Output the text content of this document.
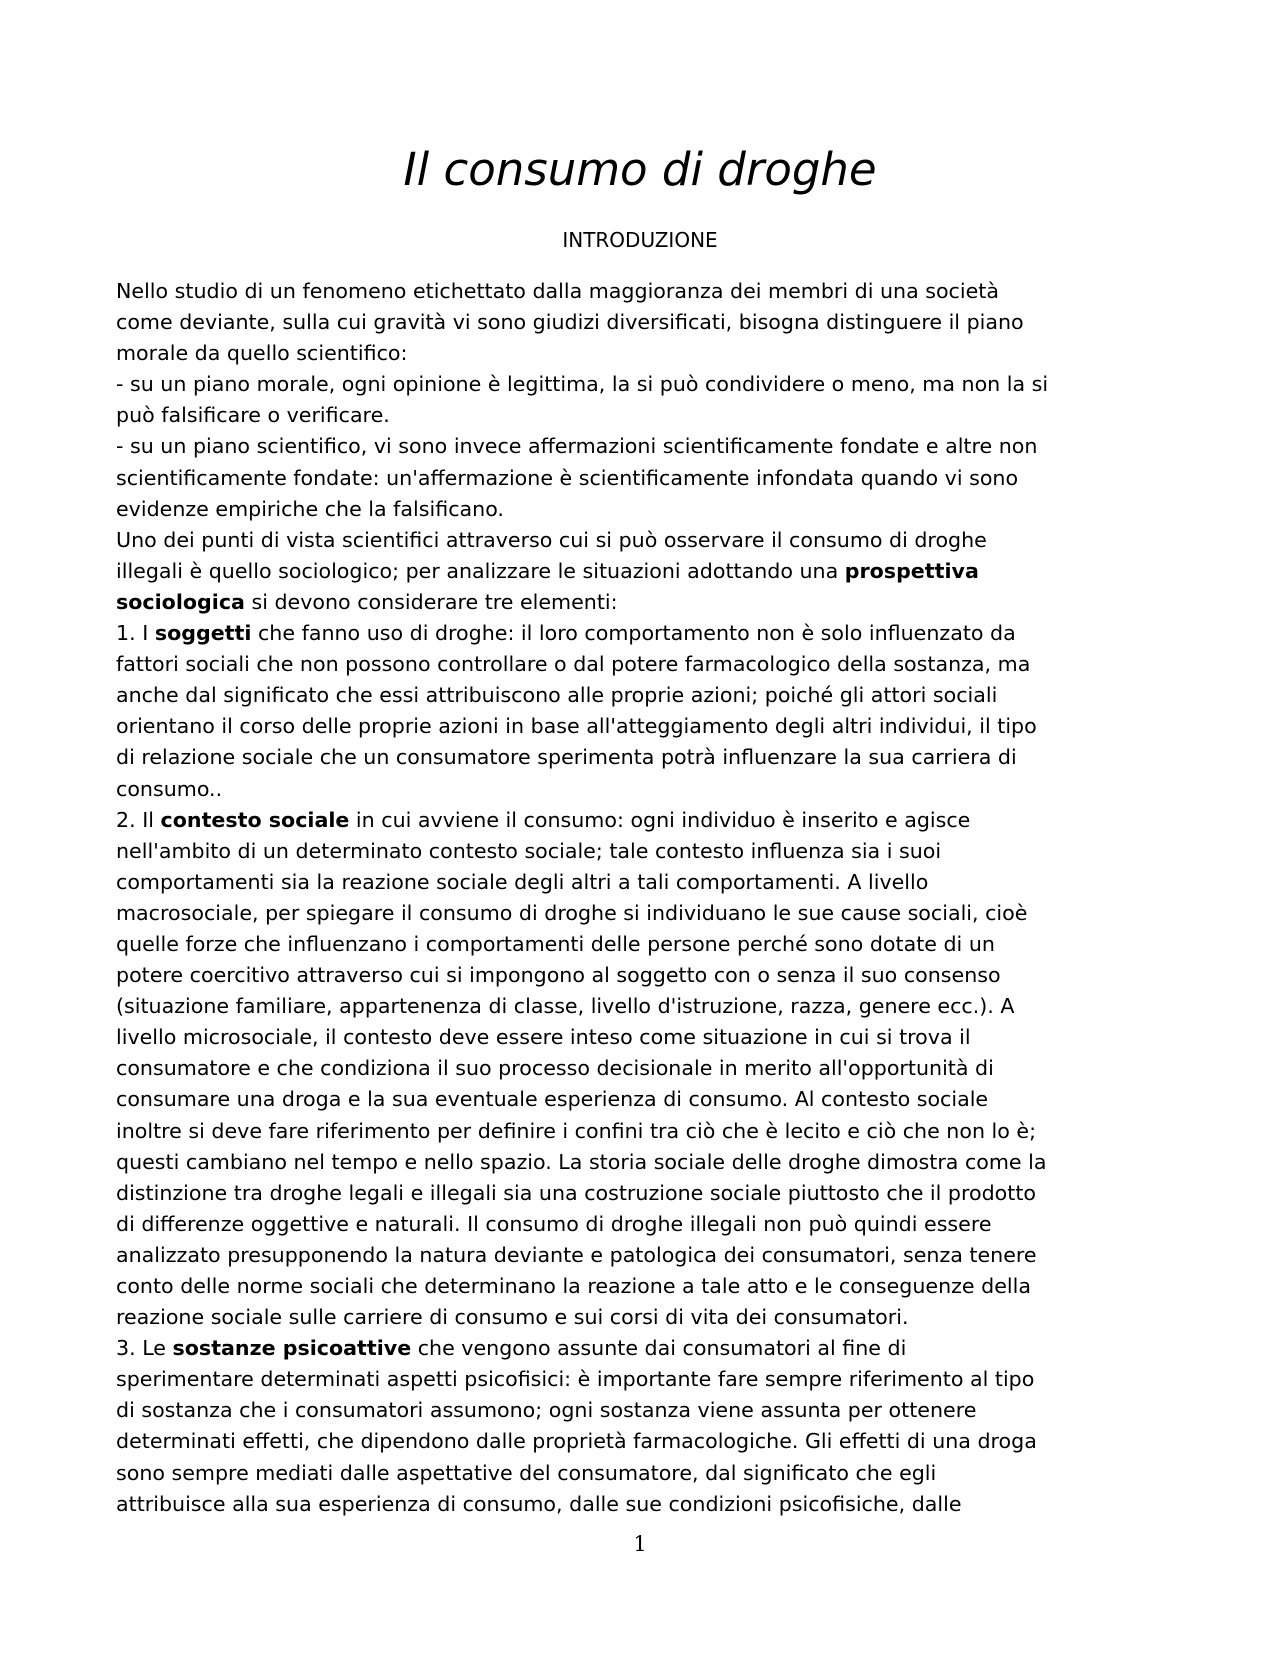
Il consumo di droghe
INTRODUZIONE
Nello studio di un fenomeno etichettato dalla maggioranza dei membri di una società
come deviante, sulla cui gravità vi sono giudizi diversificati, bisogna distinguere il piano
morale da quello scientifico:
- su un piano morale, ogni opinione è legittima, la si può condividere o meno, ma non la si
può falsificare o verificare.
- su un piano scientifico, vi sono invece affermazioni scientificamente fondate e altre non
scientificamente fondate: un'affermazione è scientificamente infondata quando vi sono
evidenze empiriche che la falsificano.
Uno dei punti di vista scientifici attraverso cui si può osservare il consumo di droghe
illegali è quello sociologico; per analizzare le situazioni adottando una prospettiva
sociologica si devono considerare tre elementi:
1. I soggetti che fanno uso di droghe: il loro comportamento non è solo influenzato da
fattori sociali che non possono controllare o dal potere farmacologico della sostanza, ma
anche dal significato che essi attribuiscono alle proprie azioni; poiché gli attori sociali
orientano il corso delle proprie azioni in base all'atteggiamento degli altri individui, il tipo
di relazione sociale che un consumatore sperimenta potrà influenzare la sua carriera di
consumo..
2. Il contesto sociale in cui avviene il consumo: ogni individuo è inserito e agisce
nell'ambito di un determinato contesto sociale; tale contesto influenza sia i suoi
comportamenti sia la reazione sociale degli altri a tali comportamenti. A livello
macrosociale, per spiegare il consumo di droghe si individuano le sue cause sociali, cioè
quelle forze che influenzano i comportamenti delle persone perché sono dotate di un
potere coercitivo attraverso cui si impongono al soggetto con o senza il suo consenso
(situazione familiare, appartenenza di classe, livello d'istruzione, razza, genere ecc.). A
livello microsociale, il contesto deve essere inteso come situazione in cui si trova il
consumatore e che condiziona il suo processo decisionale in merito all'opportunità di
consumare una droga e la sua eventuale esperienza di consumo. Al contesto sociale
inoltre si deve fare riferimento per definire i confini tra ciò che è lecito e ciò che non lo è;
questi cambiano nel tempo e nello spazio. La storia sociale delle droghe dimostra come la
distinzione tra droghe legali e illegali sia una costruzione sociale piuttosto che il prodotto
di differenze oggettive e naturali. Il consumo di droghe illegali non può quindi essere
analizzato presupponendo la natura deviante e patologica dei consumatori, senza tenere
conto delle norme sociali che determinano la reazione a tale atto e le conseguenze della
reazione sociale sulle carriere di consumo e sui corsi di vita dei consumatori.
3. Le sostanze psicoattive che vengono assunte dai consumatori al fine di
sperimentare determinati aspetti psicofisici: è importante fare sempre riferimento al tipo
di sostanza che i consumatori assumono; ogni sostanza viene assunta per ottenere
determinati effetti, che dipendono dalle proprietà farmacologiche. Gli effetti di una droga
sono sempre mediati dalle aspettative del consumatore, dal significato che egli
attribuisce alla sua esperienza di consumo, dalle sue condizioni psicofisiche, dalle
1
